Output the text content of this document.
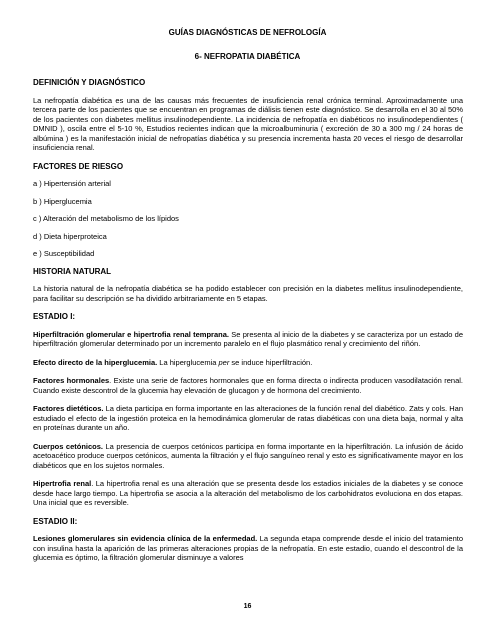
GUÍAS DIAGNÓSTICAS DE NEFROLOGÍA
6- NEFROPATIA DIABÉTICA
DEFINICIÓN Y DIAGNÓSTICO

La nefropatía diabética es una de las causas más frecuentes de insuficiencia renal crónica terminal. Aproximadamente una tercera parte de los pacientes que se encuentran en programas de diálisis tienen este diagnóstico. Se desarrolla en el 30 al 50% de los pacientes con diabetes mellitus insulinodependiente. La incidencia de nefropatía en diabéticos no insulinodependientes ( DMNID ), oscila entre el 5-10 %, Estudios recientes indican que la microalbuminuria ( excreción de 30 a 300 mg / 24 horas de albúmina ) es la manifestación inicial de nefropatías diabética y su presencia incrementa hasta 20 veces el riesgo de desarrollar insuficiencia renal.

FACTORES DE RIESGO
a ) Hipertensión arterial
b ) Hiperglucemia
c ) Alteración del metabolismo de los lípidos
d ) Dieta hiperproteica
e ) Susceptibilidad
HISTORIA NATURAL

La historia natural de la nefropatía diabética se ha podido establecer con precisión en la diabetes mellitus insulinodependiente, para facilitar su descripción se ha dividido arbitrariamente en 5 etapas.

ESTADIO I:

Hiperfiltración glomerular e hipertrofia renal temprana. Se presenta al inicio de la diabetes y se caracteriza por un estado de hiperfiltración glomerular determinado por un incremento paralelo en el flujo plasmático renal y crecimiento del riñón.

Efecto directo de la hiperglucemia. La hiperglucemia per se induce hiperfiltración.

Factores hormonales. Existe una serie de factores hormonales que en forma directa o indirecta producen vasodilatación renal. Cuando existe descontrol de la glucemia hay elevación de glucagon y de hormona del crecimiento.

Factores dietéticos. La dieta participa en forma importante en las alteraciones de la función renal del diabético. Zats y cols. Han estudiado el efecto de la ingestión proteica en la hemodinámica glomerular de ratas diabéticas con una dieta baja, normal y alta en proteínas durante un año.

Cuerpos cetónicos. La presencia de cuerpos cetónicos participa en forma importante en la hiperfiltración. La infusión de ácido acetoacético produce cuerpos cetónicos, aumenta la filtración y el flujo sanguíneo renal y esto es significativamente mayor en los diabéticos que en los sujetos normales.

Hipertrofia renal. La hipertrofia renal es una alteración que se presenta desde los estadios iniciales de la diabetes y se conoce desde hace largo tiempo. La hipertrofia se asocia a la alteración del metabolismo de los carbohidratos evoluciona en dos etapas. Una inicial que es reversible.

ESTADIO II:

Lesiones glomerulares sin evidencia clínica de la enfermedad. La segunda etapa comprende desde el inicio del tratamiento con insulina hasta la aparición de las primeras alteraciones propias de la nefropatía. En este estadio, cuando el descontrol de la glucemia es óptimo, la filtración glomerular disminuye a valores

16
